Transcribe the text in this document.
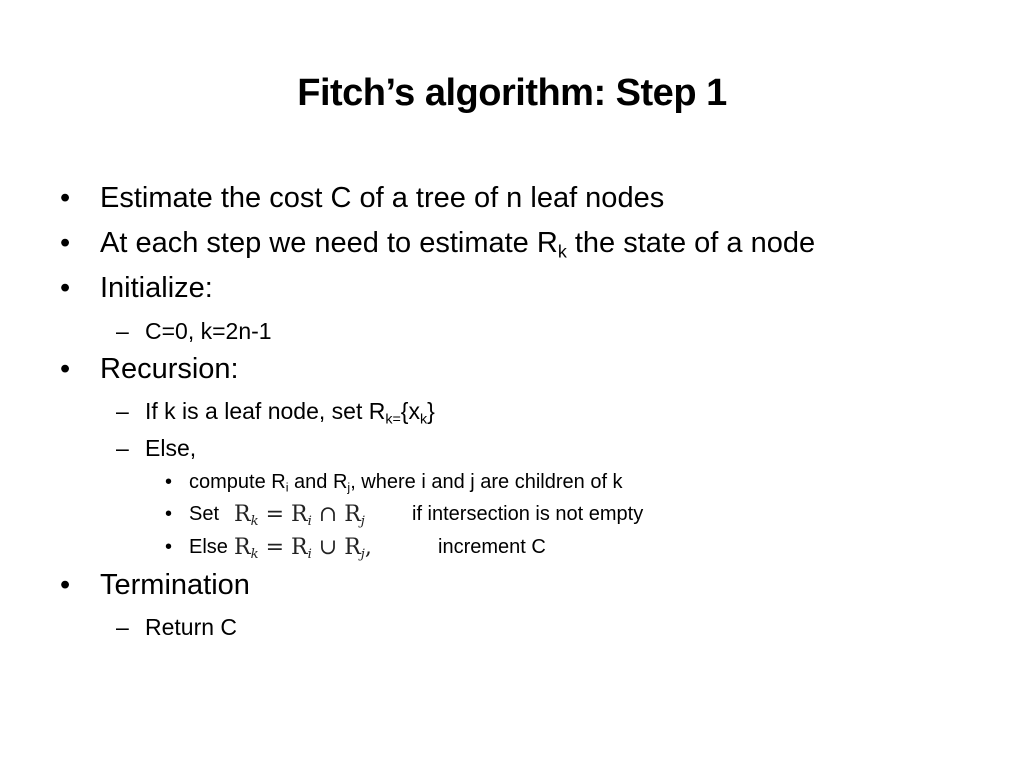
Fitch’s algorithm: Step 1
• Estimate the cost C of a tree of n leaf nodes
• At each step we need to estimate $R_k$ the state of a node
• Initialize:
– C=0, k=2n-1
• Recursion:
– If k is a leaf node, set $R_{k=}\{x_k\}$
– Else,
• compute $R_i$ and $R_j$, where i and j are children of k
• Set $R_k = R_i$ ∩ $R_j$ if intersection is not empty
• Else $R_k = R_i$ ∪ $R_j$,	increment C
• Termination
– Return C
